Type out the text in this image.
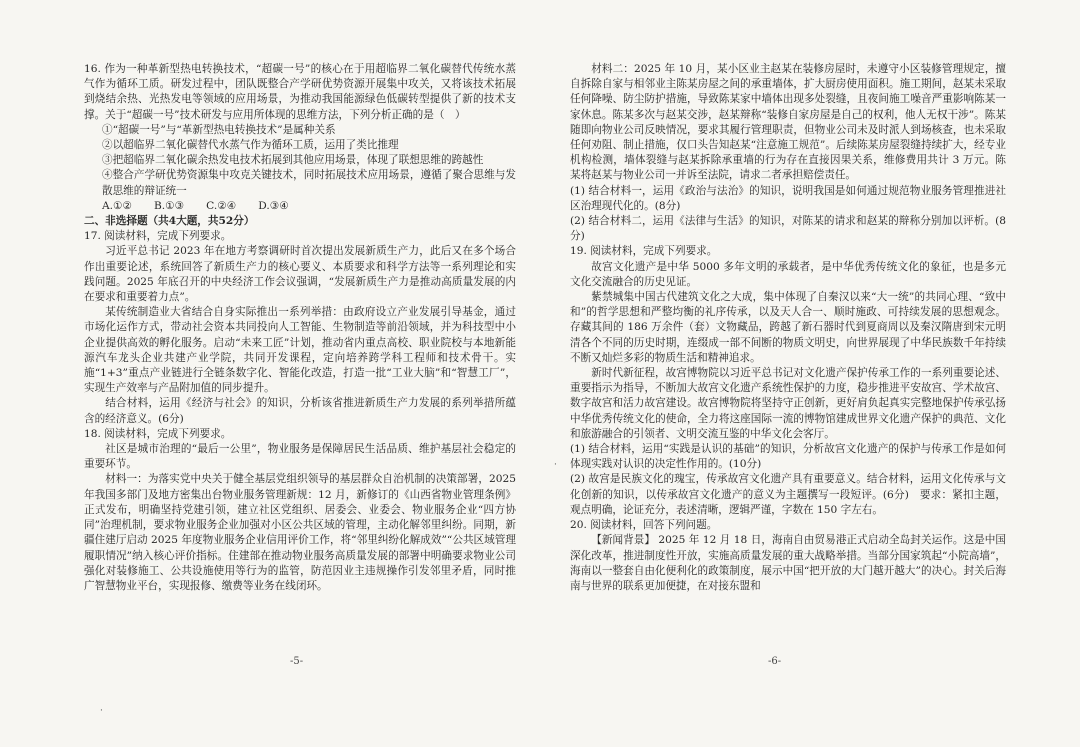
16. 作为一种革新型热电转换技术，“超碳一号”的核心在于用超临界二氧化碳替代传统水蒸气作为循环工质。研发过程中，团队既整合产学研优势资源开展集中攻关，又将该技术拓展到烧结余热、光热发电等领域的应用场景，为推动我国能源绿色低碳转型提供了新的技术支撑。关于“超碳一号”技术研发与应用所体现的思维方法，下列分析正确的是（　）

①“超碳一号”与“革新型热电转换技术”是属种关系

②以超临界二氧化碳替代水蒸气作为循环工质，运用了类比推理

③把超临界二氧化碳余热发电技术拓展到其他应用场景，体现了联想思维的跨越性

④整合产学研优势资源集中攻克关键技术，同时拓展技术应用场景，遵循了聚合思维与发散思维的辩证统一

A.①② B.①③ C.②④ D.③④

二、非选择题（共4大题，共52分）

17. 阅读材料，完成下列要求。

习近平总书记 2023 年在地方考察调研时首次提出发展新质生产力，此后又在多个场合作出重要论述，系统回答了新质生产力的核心要义、本质要求和科学方法等一系列理论和实践问题。2025 年底召开的中央经济工作会议强调，“发展新质生产力是推动高质量发展的内在要求和重要着力点”。

某传统制造业大省结合自身实际推出一系列举措：由政府设立产业发展引导基金，通过市场化运作方式，带动社会资本共同投向人工智能、生物制造等前沿领域，并为科技型中小企业提供高效的孵化服务。启动“未来工匠”计划，推动省内重点高校、职业院校与本地新能源汽车龙头企业共建产业学院，共同开发课程，定向培养跨学科工程师和技术骨干。实施“1+3”重点产业链进行全链条数字化、智能化改造，打造一批“工业大脑”和“智慧工厂”，实现生产效率与产品附加值的同步提升。

结合材料，运用《经济与社会》的知识，分析该省推进新质生产力发展的系列举措所蕴含的经济意义。(6分)

18. 阅读材料，完成下列要求。

社区是城市治理的“最后一公里”，物业服务是保障居民生活品质、维护基层社会稳定的重要环节。

材料一：为落实党中央关于健全基层党组织领导的基层群众自治机制的决策部署，2025 年我国多部门及地方密集出台物业服务管理新规：12 月，新修订的《山西省物业管理条例》正式发布，明确坚持党建引领，建立社区党组织、居委会、业委会、物业服务企业“四方协同”治理机制，要求物业服务企业加强对小区公共区域的管理，主动化解邻里纠纷。同期，新疆住建厅启动 2025 年度物业服务企业信用评价工作，将“邻里纠纷化解成效”“公共区域管理履职情况”纳入核心评价指标。住建部在推动物业服务高质量发展的部署中明确要求物业公司强化对装修施工、公共设施使用等行为的监管，防范因业主违规操作引发邻里矛盾，同时推广智慧物业平台，实现报修、缴费等业务在线闭环。

材料二：2025 年 10 月，某小区业主赵某在装修房屋时，未遵守小区装修管理规定，擅自拆除自家与相邻业主陈某房屋之间的承重墙体，扩大厨房使用面积。施工期间，赵某未采取任何降噪、防尘防护措施，导致陈某家中墙体出现多处裂缝，且夜间施工噪音严重影响陈某一家休息。陈某多次与赵某交涉，赵某辩称“装修自家房屋是自己的权利，他人无权干涉”。陈某随即向物业公司反映情况，要求其履行管理职责，但物业公司未及时派人到场核查，也未采取任何劝阻、制止措施，仅口头告知赵某“注意施工规范”。后续陈某房屋裂缝持续扩大，经专业机构检测，墙体裂缝与赵某拆除承重墙的行为存在直接因果关系，维修费用共计 3 万元。陈某将赵某与物业公司一并诉至法院，请求二者承担赔偿责任。

(1) 结合材料一，运用《政治与法治》的知识，说明我国是如何通过规范物业服务管理推进社区治理现代化的。(8分)

(2) 结合材料二，运用《法律与生活》的知识，对陈某的请求和赵某的辩称分别加以评析。(8分)

19. 阅读材料，完成下列要求。

故宫文化遗产是中华 5000 多年文明的承载者，是中华优秀传统文化的象征，也是多元文化交流融合的历史见证。

紫禁城集中国古代建筑文化之大成，集中体现了自秦汉以来“大一统”的共同心理、“致中和”的哲学思想和严整均衡的礼序传承，以及天人合一、顺时施政、可持续发展的思想观念。存藏其间的 186 万余件（套）文物藏品，跨越了新石器时代到夏商周以及秦汉隋唐到宋元明清各个不同的历史时期，连缀成一部不间断的物质文明史，向世界展现了中华民族数千年持续不断又灿烂多彩的物质生活和精神追求。

新时代新征程，故宫博物院以习近平总书记对文化遗产保护传承工作的一系列重要论述、重要指示为指导，不断加大故宫文化遗产系统性保护的力度，稳步推进平安故宫、学术故宫、数字故宫和活力故宫建设。故宫博物院将坚持守正创新，更好肩负起真实完整地保护传承弘扬中华优秀传统文化的使命，全力将这座国际一流的博物馆建成世界文化遗产保护的典范、文化和旅游融合的引领者、文明交流互鉴的中华文化会客厅。

(1) 结合材料，运用“实践是认识的基础”的知识，分析故宫文化遗产的保护与传承工作是如何体现实践对认识的决定性作用的。(10分)

(2) 故宫是民族文化的瑰宝，传承故宫文化遗产具有重要意义。结合材料，运用文化传承与文化创新的知识，以传承故宫文化遗产的意义为主题撰写一段短评。(6分)　要求：紧扣主题，观点明确，论证充分，表述清晰，逻辑严谨，字数在 150 字左右。

20. 阅读材料，回答下列问题。

【新闻背景】 2025 年 12 月 18 日，海南自由贸易港正式启动全岛封关运作。这是中国深化改革，推进制度性开放，实施高质量发展的重大战略举措。当部分国家筑起“小院高墙”，海南以一整套自由化便利化的政策制度，展示中国“把开放的大门越开越大”的决心。封关后海南与世界的联系更加便捷，在对接东盟和

-5-	-6-
·
·
